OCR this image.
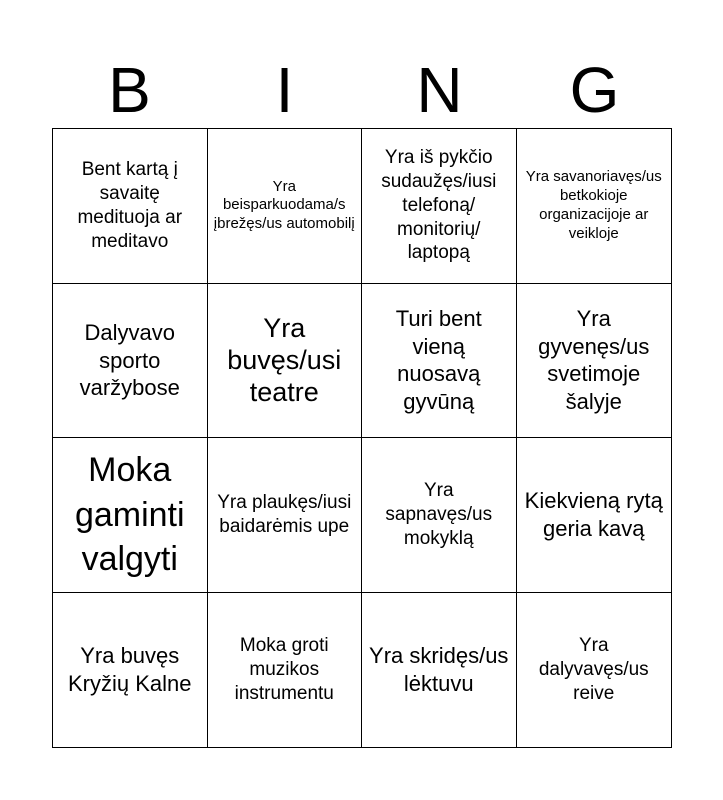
B	I	N	G
Bent kartą į savaitę medituoja ar meditavo
Yra beisparkuodama/s įbrežęs/us automobilį
Yra iš pykčio sudaužęs/iusi telefoną/ monitorių/ laptopą
Yra savanoriavęs/us betkokioje organizacijoje ar veikloje
Dalyvavo sporto varžybose
Yra buvęs/usi teatre
Turi bent vieną nuosavą gyvūną
Yra gyvenęs/us svetimoje šalyje
Moka gaminti valgyti
Yra plaukęs/iusi baidarėmis upe
Yra sapnavęs/us mokyklą
Kiekvieną rytą geria kavą
Yra buvęs Kryžių Kalne
Moka groti muzikos instrumentu
Yra skridęs/us lėktuvu
Yra dalyvavęs/us reive
